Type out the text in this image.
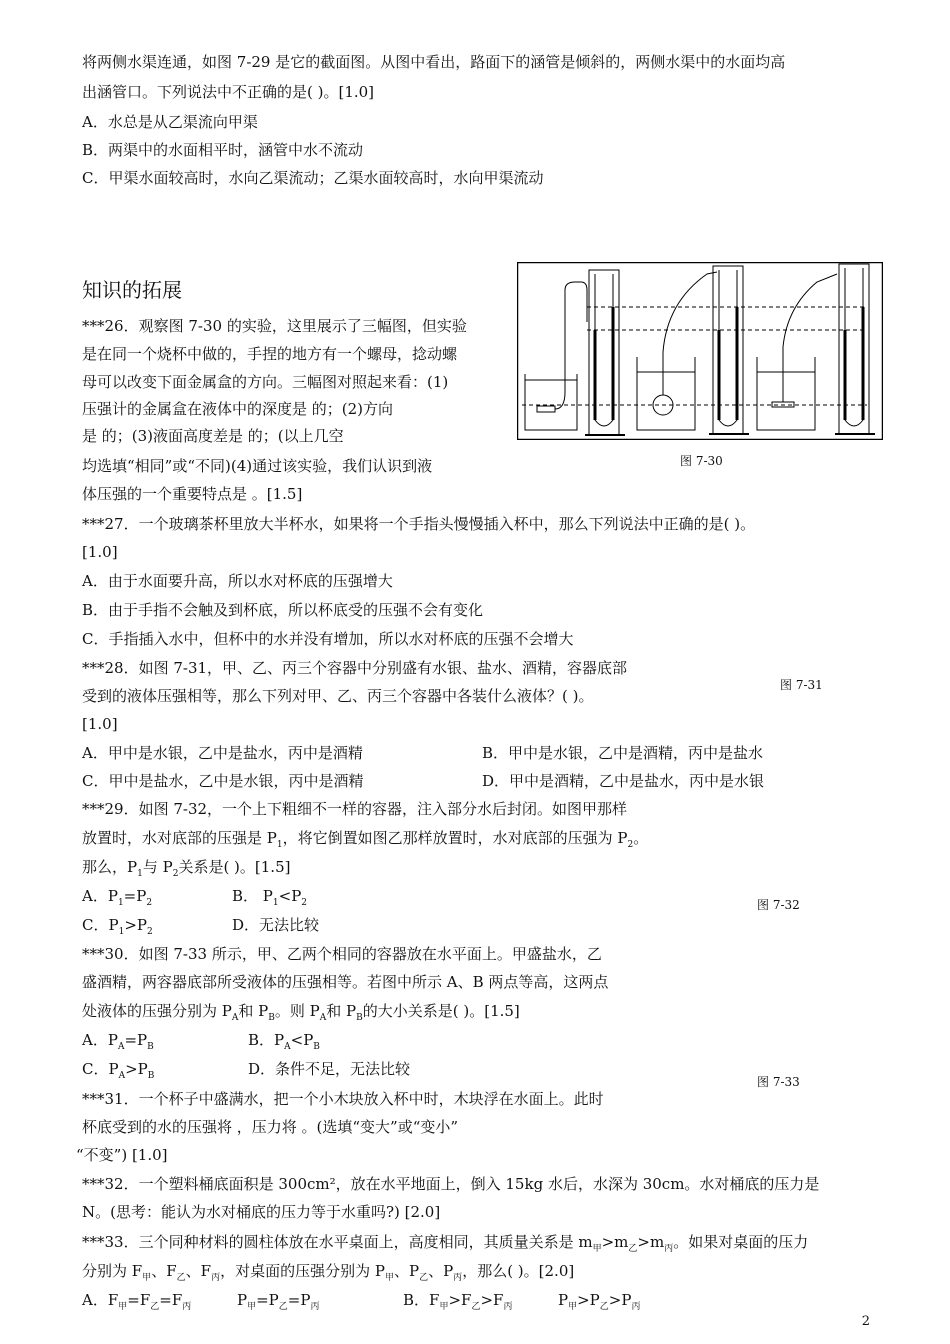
将两侧水渠连通，如图 7-29 是它的截面图。从图中看出，路面下的涵管是倾斜的，两侧水渠中的水面均高
出涵管口。下列说法中不正确的是( )。[1.0]
A．水总是从乙渠流向甲渠
B．两渠中的水面相平时，涵管中水不流动
C．甲渠水面较高时，水向乙渠流动；乙渠水面较高时，水向甲渠流动
知识的拓展
图 7-30
***26．观察图 7-30 的实验，这里展示了三幅图，但实验
是在同一个烧杯中做的，手捏的地方有一个螺母，捻动螺
母可以改变下面金属盒的方向。三幅图对照起来看：(1)
压强计的金属盒在液体中的深度是 的；(2)方向
是 的；(3)液面高度差是 的；(以上几空
均选填“相同”或“不同)(4)通过该实验，我们认识到液
体压强的一个重要特点是 。[1.5]
***27．一个玻璃茶杯里放大半杯水，如果将一个手指头慢慢插入杯中，那么下列说法中正确的是( )。
[1.0]
A．由于水面要升高，所以水对杯底的压强增大
B．由于手指不会触及到杯底，所以杯底受的压强不会有变化
C．手指插入水中，但杯中的水并没有增加，所以水对杯底的压强不会增大
***28．如图 7-31，甲、乙、丙三个容器中分别盛有水银、盐水、酒精，容器底部
受到的液体压强相等，那么下列对甲、乙、丙三个容器中各装什么液体？( )。
[1.0]
图 7-31
A．甲中是水银，乙中是盐水，丙中是酒精	B．甲中是水银，乙中是酒精，丙中是盐水
C．甲中是盐水，乙中是水银，丙中是酒精	D．甲中是酒精，乙中是盐水，丙中是水银
***29．如图 7-32，一个上下粗细不一样的容器，注入部分水后封闭。如图甲那样
放置时，水对底部的压强是 $P_1$，将它倒置如图乙那样放置时，水对底部的压强为 $P_2$。
那么，$P_1$与 $P_2$关系是( )。[1.5]
A．$P_1=P_2$	B． $P_1<P_2$
C．$P_1>P_2$	D．无法比较
图 7-32
***30．如图 7-33 所示，甲、乙两个相同的容器放在水平面上。甲盛盐水，乙
盛酒精，两容器底部所受液体的压强相等。若图中所示 A、B 两点等高，这两点
处液体的压强分别为 $P_A$和 $P_B$。则 $P_A$和 $P_B$的大小关系是( )。[1.5]
A．$P_A=P_B$	B．$P_A<P_B$
C．$P_A>P_B$	D．条件不足，无法比较
图 7-33
***31．一个杯子中盛满水，把一个小木块放入杯中时，木块浮在水面上。此时
杯底受到的水的压强将 ，压力将 。(选填“变大”或“变小”
“不变”) [1.0]
***32．一个塑料桶底面积是 300cm²，放在水平地面上，倒入 15kg 水后，水深为 30cm。水对桶底的压力是
N。(思考：能认为水对桶底的压力等于水重吗?) [2.0]
***33．三个同种材料的圆柱体放在水平桌面上，高度相同，其质量关系是 $m_甲>m_乙>m_丙$。如果对桌面的压力
分别为 $F_甲$、$F_乙$、$F_丙$，对桌面的压强分别为 $P_甲$、$P_乙$、$P_丙$，那么( )。[2.0]
A．$F_甲=F_乙=F_丙$	$P_甲=P_乙=P_丙$	B．$F_甲>F_乙>F_丙$	$P_甲>P_乙>P_丙$
2
